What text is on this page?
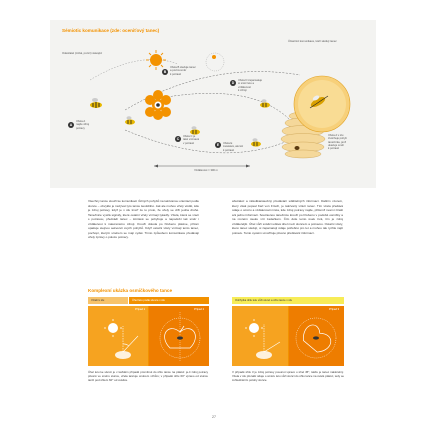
Sémiotic komunikace (zde: oceniťový tanec)
Odesílatel (nízká, pozicí) stávající
A
Včela A
najde zdroj
potravy
B
Včela B sleduje tanec
a pozná směr
k potravě
C
Včela C je
také vnímavá
v potravě
D
Včela D zapamatuje
si směr letu a
vzdálenost
k zdroji
E	Včela E
zaostává, ale letí
k potravě
Účastníci komunikace, kteří sledují tanec
Včela A v úlu
ztvárňuje pohyb
tanečníka, jenž
ukazuje směr
k potravě
Vzdálenost = 300 m
Všechny tance slouží ke komunikaci různých pohybů na takzvanou orientaci podle slunce – obvyklé je nazývat tyto tance šestidílné. Jak ale mohou včely vědět, kde je zdroj potravy, když je v úlu tma? Je to proto, že včely se drží jedna druhé. Tanečnice vysílá signály, které ostatní včely vnímají tykadly. Včela, která se vrací s potravou, předvádí tanec – kmitavě se pohybuje a napodobí tak směr i vzdálenost k nalezenému zdroji. Krouží dokola po hřebenu plástve, přitom opakuje stejnou sekvenci svých pohybů. Když ostatní včely vnímají tento tanec, pochopí, kterým směrem se mají vydat. Tímto způsobem komunikace předávají včely zprávy o poloze potravy.
abstrakcí a několikanásobný předávání sdělitelných informací. Dalším vzorem, který však popsal Karl von Frisch, je takzvaný vrtěcí tanec. Tím včela předává údaje o směru a vzdálenosti místa, kde zdroj potravy najde, přičemž nesmí ztratit ani jednu informaci. Současnou tanečnice krouží po hřebenu v podobě osmičky a na rovném úseku vrtí zadečkem. Čím déle tento úsek trvá, tím je zdroj vzdálenější. Úhel vůči svislici udává úhel mezi sluncem a potravou. Ostatní včely, které tanec sledují, si zapamatují údaje potřebné pro let a mohou tak rychle najít potravu. Tento systém umožňuje přesné předávání informací.
Komplexní ukázka osmičkového tance
Vztah k úlu	Úhel letu podle slunce v úlu	Odchylka úhlu letu vůči slunci a úhlu tance v úlu
Případ 1	Případ 2	Případ 3
Úhel letu ke slunci je v každém případě promítnut do úhlu tance na plástvi: je-li zdroj potravy přesně ve směru slunce, včela tancuje směrem vzhůru; v případě úhlu 60° vpravo od slunce tančí pod úhlem 60° od svislice.
V případě úhlu 3 je zdroj potravy posunut vpravo o úhel 45°, takže je tanec nakloněný. Včela v úlu přenáší údaje o směru letu vůči slunci do úhlu tance na svislé plástvi, tedy se zohledněním polohy slunce.
27
